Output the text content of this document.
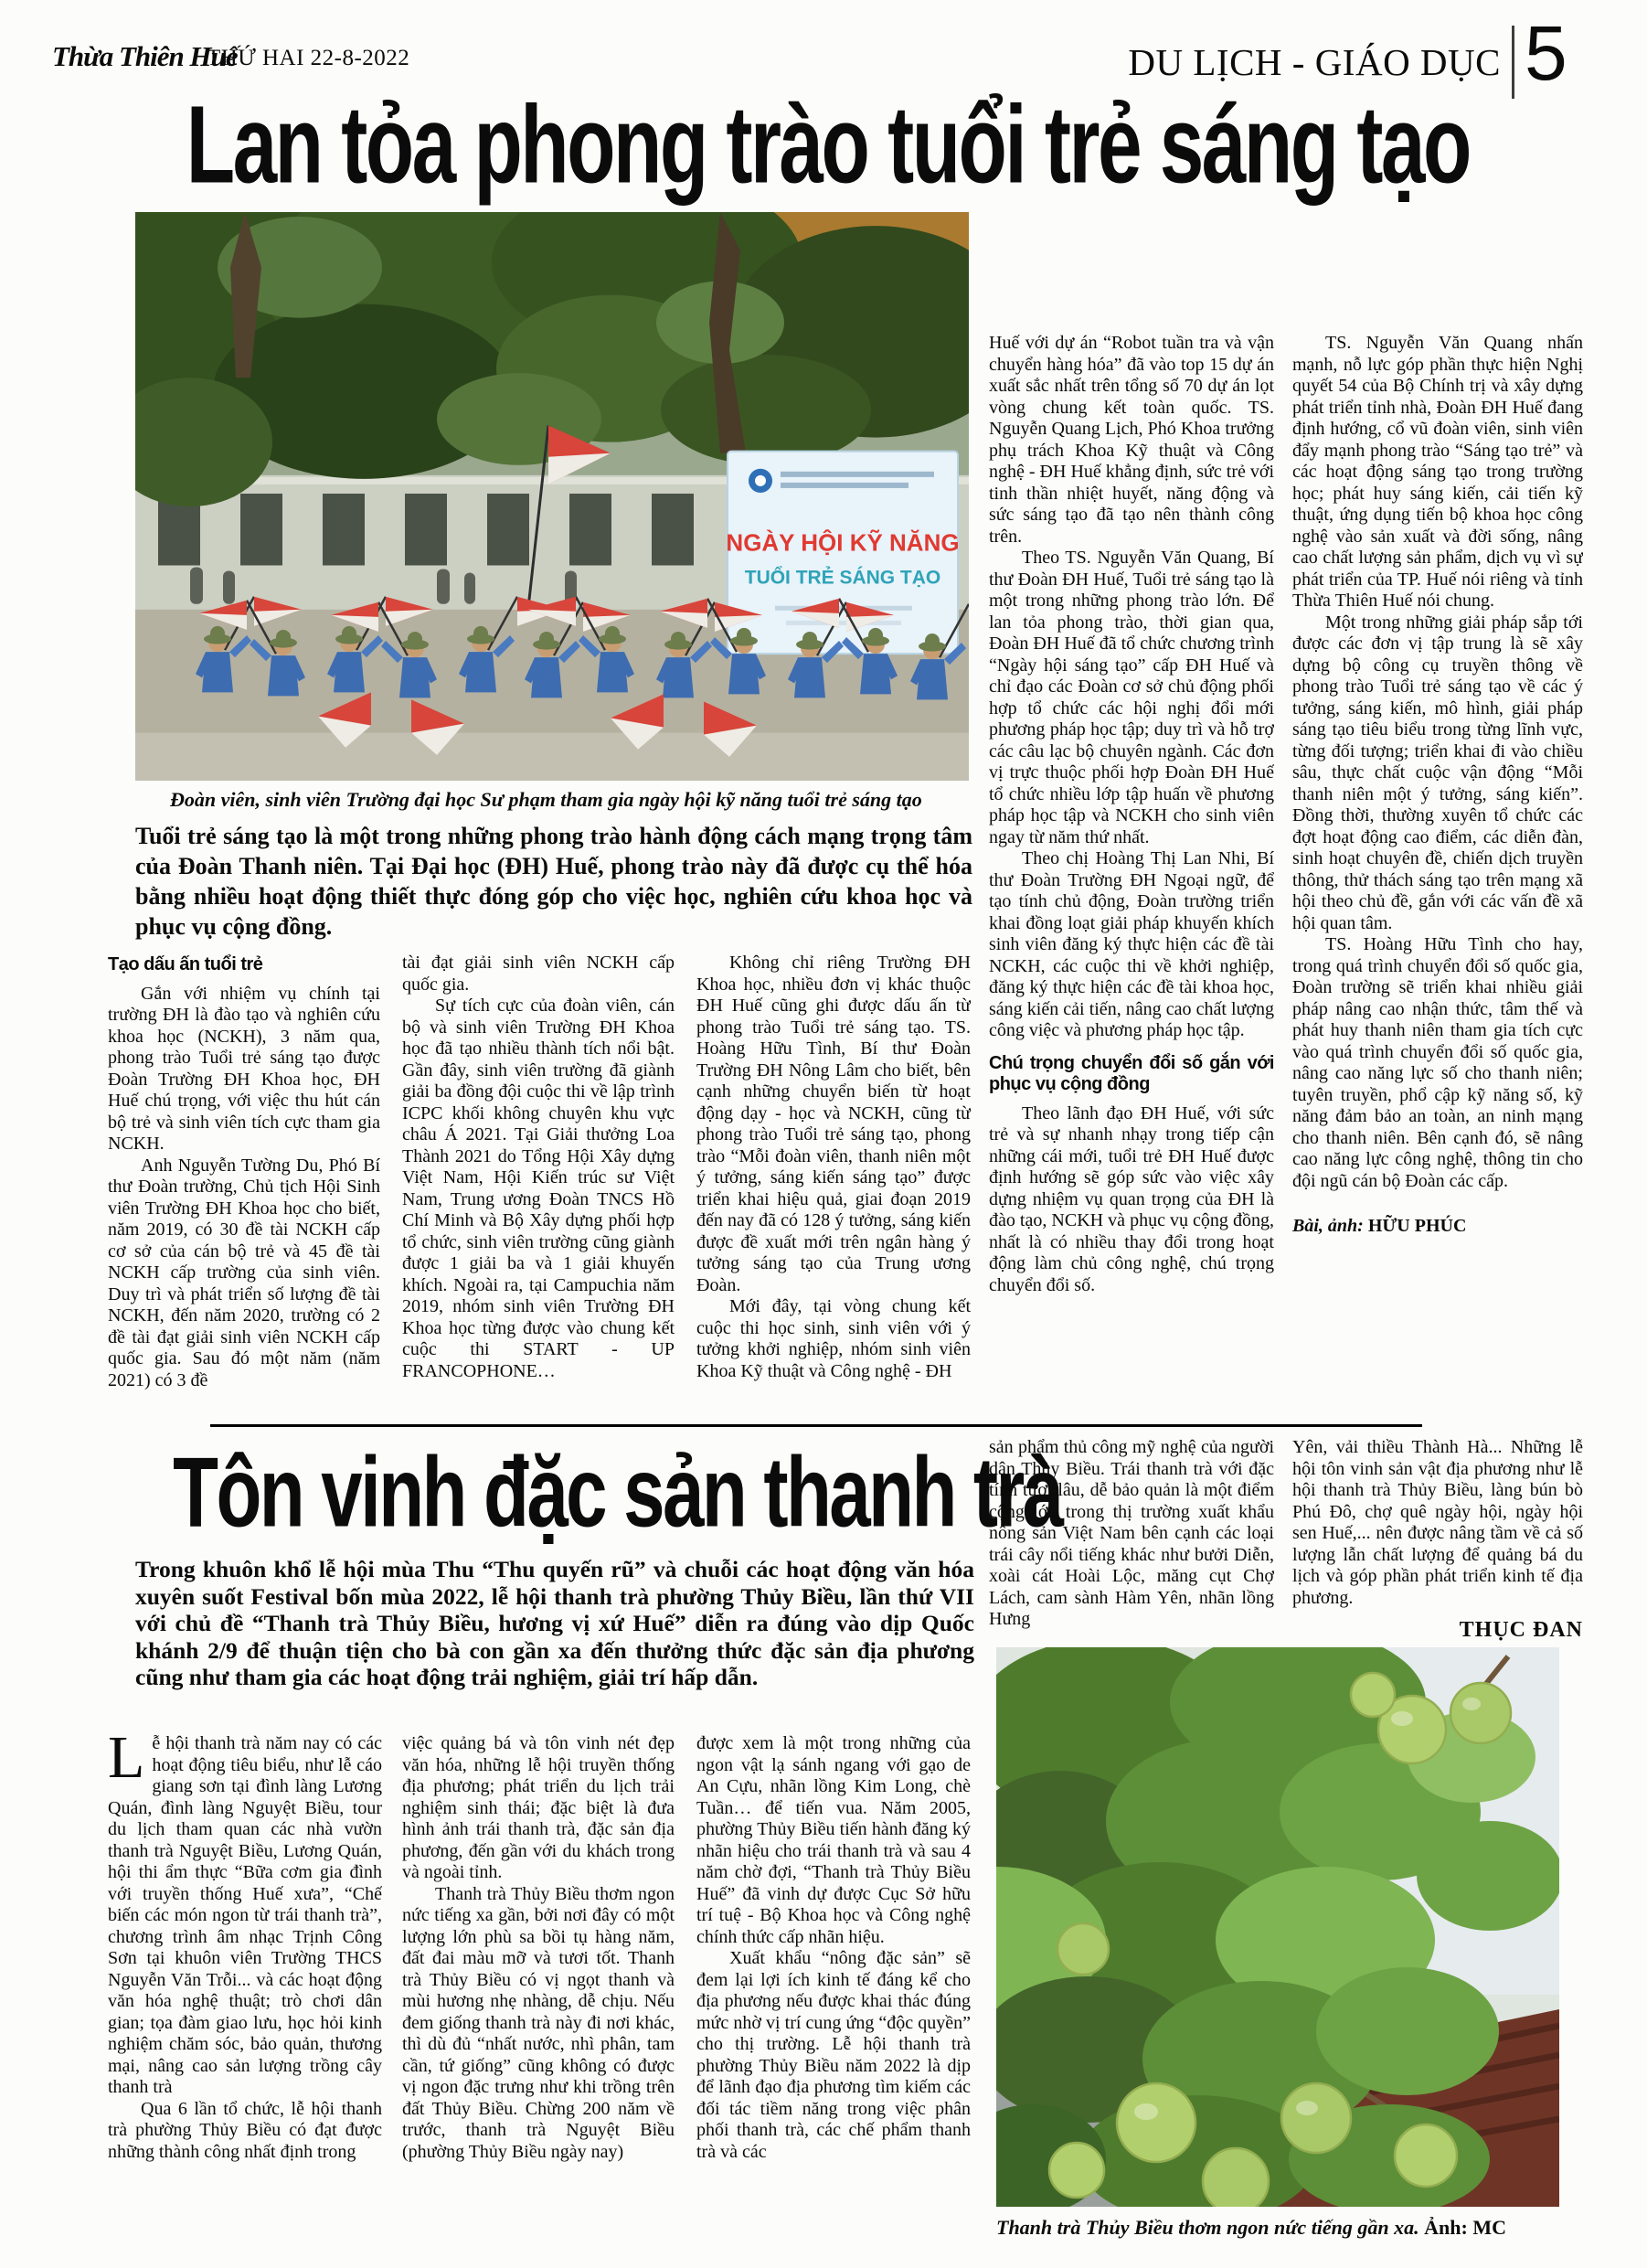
Thừa Thiên Huế
THỨ HAI 22-8-2022	DU LỊCH - GIÁO DỤC 5
Lan tỏa phong trào tuổi trẻ sáng tạo
NGÀY HỘI KỸ NĂNG
TUỔI TRẺ SÁNG TẠO
Đoàn viên, sinh viên Trường đại học Sư phạm tham gia ngày hội kỹ năng tuổi trẻ sáng tạo

Tuổi trẻ sáng tạo là một trong những phong trào hành động cách mạng trọng tâm của Đoàn Thanh niên. Tại Đại học (ĐH) Huế, phong trào này đã được cụ thể hóa bằng nhiều hoạt động thiết thực đóng góp cho việc học, nghiên cứu khoa học và phục vụ cộng đồng.

Tạo dấu ấn tuổi trẻ

Gắn với nhiệm vụ chính tại trường ĐH là đào tạo và nghiên cứu khoa học (NCKH), 3 năm qua, phong trào Tuổi trẻ sáng tạo được Đoàn Trường ĐH Khoa học, ĐH Huế chú trọng, với việc thu hút cán bộ trẻ và sinh viên tích cực tham gia NCKH.

Anh Nguyễn Tường Du, Phó Bí thư Đoàn trường, Chủ tịch Hội Sinh viên Trường ĐH Khoa học cho biết, năm 2019, có 30 đề tài NCKH cấp cơ sở của cán bộ trẻ và 45 đề tài NCKH cấp trường của sinh viên. Duy trì và phát triển số lượng đề tài NCKH, đến năm 2020, trường có 2 đề tài đạt giải sinh viên NCKH cấp quốc gia. Sau đó một năm (năm 2021) có 3 đề

tài đạt giải sinh viên NCKH cấp quốc gia.

Sự tích cực của đoàn viên, cán bộ và sinh viên Trường ĐH Khoa học đã tạo nhiều thành tích nổi bật. Gần đây, sinh viên trường đã giành giải ba đồng đội cuộc thi về lập trình ICPC khối không chuyên khu vực châu Á 2021. Tại Giải thưởng Loa Thành 2021 do Tổng Hội Xây dựng Việt Nam, Hội Kiến trúc sư Việt Nam, Trung ương Đoàn TNCS Hồ Chí Minh và Bộ Xây dựng phối hợp tổ chức, sinh viên trường cũng giành được 1 giải ba và 1 giải khuyến khích. Ngoài ra, tại Campuchia năm 2019, nhóm sinh viên Trường ĐH Khoa học từng được vào chung kết cuộc thi START - UP FRANCOPHONE…

Không chỉ riêng Trường ĐH Khoa học, nhiều đơn vị khác thuộc ĐH Huế cũng ghi được dấu ấn từ phong trào Tuổi trẻ sáng tạo. TS. Hoàng Hữu Tình, Bí thư Đoàn Trường ĐH Nông Lâm cho biết, bên cạnh những chuyển biến từ hoạt động dạy - học và NCKH, cũng từ phong trào Tuổi trẻ sáng tạo, phong trào “Mỗi đoàn viên, thanh niên một ý tưởng, sáng kiến sáng tạo” được triển khai hiệu quả, giai đoạn 2019 đến nay đã có 128 ý tưởng, sáng kiến được đề xuất mới trên ngân hàng ý tưởng sáng tạo của Trung ương Đoàn.

Mới đây, tại vòng chung kết cuộc thi học sinh, sinh viên với ý tưởng khởi nghiệp, nhóm sinh viên Khoa Kỹ thuật và Công nghệ - ĐH

Huế với dự án “Robot tuần tra và vận chuyển hàng hóa” đã vào top 15 dự án xuất sắc nhất trên tổng số 70 dự án lọt vòng chung kết toàn quốc. TS. Nguyễn Quang Lịch, Phó Khoa trưởng phụ trách Khoa Kỹ thuật và Công nghệ - ĐH Huế khẳng định, sức trẻ với tinh thần nhiệt huyết, năng động và sức sáng tạo đã tạo nên thành công trên.

Theo TS. Nguyễn Văn Quang, Bí thư Đoàn ĐH Huế, Tuổi trẻ sáng tạo là một trong những phong trào lớn. Để lan tỏa phong trào, thời gian qua, Đoàn ĐH Huế đã tổ chức chương trình “Ngày hội sáng tạo” cấp ĐH Huế và chỉ đạo các Đoàn cơ sở chủ động phối hợp tổ chức các hội nghị đổi mới phương pháp học tập; duy trì và hỗ trợ các câu lạc bộ chuyên ngành. Các đơn vị trực thuộc phối hợp Đoàn ĐH Huế tổ chức nhiều lớp tập huấn về phương pháp học tập và NCKH cho sinh viên ngay từ năm thứ nhất.

Theo chị Hoàng Thị Lan Nhi, Bí thư Đoàn Trường ĐH Ngoại ngữ, để tạo tính chủ động, Đoàn trường triển khai đồng loạt giải pháp khuyến khích sinh viên đăng ký thực hiện các đề tài NCKH, các cuộc thi về khởi nghiệp, đăng ký thực hiện các đề tài khoa học, sáng kiến cải tiến, nâng cao chất lượng công việc và phương pháp học tập.

Chú trọng chuyển đổi số gắn với phục vụ cộng đồng

Theo lãnh đạo ĐH Huế, với sức trẻ và sự nhanh nhạy trong tiếp cận những cái mới, tuổi trẻ ĐH Huế được định hướng sẽ góp sức vào việc xây dựng nhiệm vụ quan trọng của ĐH là đào tạo, NCKH và phục vụ cộng đồng, nhất là có nhiều thay đổi trong hoạt động làm chủ công nghệ, chú trọng chuyển đổi số.

TS. Nguyễn Văn Quang nhấn mạnh, nỗ lực góp phần thực hiện Nghị quyết 54 của Bộ Chính trị và xây dựng phát triển tỉnh nhà, Đoàn ĐH Huế đang định hướng, cổ vũ đoàn viên, sinh viên đẩy mạnh phong trào “Sáng tạo trẻ” và các hoạt động sáng tạo trong trường học; phát huy sáng kiến, cải tiến kỹ thuật, ứng dụng tiến bộ khoa học công nghệ vào sản xuất và đời sống, nâng cao chất lượng sản phẩm, dịch vụ vì sự phát triển của TP. Huế nói riêng và tỉnh Thừa Thiên Huế nói chung.

Một trong những giải pháp sắp tới được các đơn vị tập trung là sẽ xây dựng bộ công cụ truyền thông về phong trào Tuổi trẻ sáng tạo về các ý tưởng, sáng kiến, mô hình, giải pháp sáng tạo tiêu biểu trong từng lĩnh vực, từng đối tượng; triển khai đi vào chiều sâu, thực chất cuộc vận động “Mỗi thanh niên một ý tưởng, sáng kiến”. Đồng thời, thường xuyên tổ chức các đợt hoạt động cao điểm, các diễn đàn, sinh hoạt chuyên đề, chiến dịch truyền thông, thử thách sáng tạo trên mạng xã hội theo chủ đề, gắn với các vấn đề xã hội quan tâm.

TS. Hoàng Hữu Tình cho hay, trong quá trình chuyển đổi số quốc gia, Đoàn trường sẽ triển khai nhiều giải pháp nâng cao nhận thức, tâm thế và phát huy thanh niên tham gia tích cực vào quá trình chuyển đổi số quốc gia, nâng cao năng lực số cho thanh niên; tuyên truyền, phổ cập kỹ năng số, kỹ năng đảm bảo an toàn, an ninh mạng cho thanh niên. Bên cạnh đó, sẽ nâng cao năng lực công nghệ, thông tin cho đội ngũ cán bộ Đoàn các cấp.

Bài, ảnh: HỮU PHÚC

Tôn vinh đặc sản thanh trà

Trong khuôn khổ lễ hội mùa Thu “Thu quyến rũ” và chuỗi các hoạt động văn hóa xuyên suốt Festival bốn mùa 2022, lễ hội thanh trà phường Thủy Biều, lần thứ VII với chủ đề “Thanh trà Thủy Biều, hương vị xứ Huế” diễn ra đúng vào dịp Quốc khánh 2/9 để thuận tiện cho bà con gần xa đến thưởng thức đặc sản địa phương cũng như tham gia các hoạt động trải nghiệm, giải trí hấp dẫn.

Lễ hội thanh trà năm nay có các hoạt động tiêu biểu, như lễ cáo giang sơn tại đình làng Lương Quán, đình làng Nguyệt Biều, tour du lịch tham quan các nhà vườn thanh trà Nguyệt Biều, Lương Quán, hội thi ẩm thực “Bữa cơm gia đình với truyền thống Huế xưa”, “Chế biến các món ngon từ trái thanh trà”, chương trình âm nhạc Trịnh Công Sơn tại khuôn viên Trường THCS Nguyễn Văn Trỗi... và các hoạt động văn hóa nghệ thuật; trò chơi dân gian; tọa đàm giao lưu, học hỏi kinh nghiệm chăm sóc, bảo quản, thương mại, nâng cao sản lượng trồng cây thanh trà

Qua 6 lần tổ chức, lễ hội thanh trà phường Thủy Biều có đạt được những thành công nhất định trong

việc quảng bá và tôn vinh nét đẹp văn hóa, những lễ hội truyền thống địa phương; phát triển du lịch trải nghiệm sinh thái; đặc biệt là đưa hình ảnh trái thanh trà, đặc sản địa phương, đến gần với du khách trong và ngoài tỉnh.

Thanh trà Thủy Biều thơm ngon nức tiếng xa gần, bởi nơi đây có một lượng lớn phù sa bồi tụ hàng năm, đất đai màu mỡ và tươi tốt. Thanh trà Thủy Biều có vị ngọt thanh và mùi hương nhẹ nhàng, dễ chịu. Nếu đem giống thanh trà này đi nơi khác, thì dù đủ “nhất nước, nhì phân, tam cần, tứ giống” cũng không có được vị ngon đặc trưng như khi trồng trên đất Thủy Biều. Chừng 200 năm về trước, thanh trà Nguyệt Biều (phường Thủy Biều ngày nay)

được xem là một trong những của ngon vật lạ sánh ngang với gạo de An Cựu, nhãn lồng Kim Long, chè Tuần… để tiến vua. Năm 2005, phường Thủy Biều tiến hành đăng ký nhãn hiệu cho trái thanh trà và sau 4 năm chờ đợi, “Thanh trà Thủy Biều Huế” đã vinh dự được Cục Sở hữu trí tuệ - Bộ Khoa học và Công nghệ chính thức cấp nhãn hiệu.

Xuất khẩu “nông đặc sản” sẽ đem lại lợi ích kinh tế đáng kể cho địa phương nếu được khai thác đúng mức nhờ vị trí cung ứng “độc quyền” cho thị trường. Lễ hội thanh trà phường Thủy Biều năm 2022 là dịp để lãnh đạo địa phương tìm kiếm các đối tác tiềm năng trong việc phân phối thanh trà, các chế phẩm thanh trà và các

sản phẩm thủ công mỹ nghệ của người dân Thủy Biều. Trái thanh trà với đặc tính tươi lâu, dễ bảo quản là một điểm cộng lớn trong thị trường xuất khẩu nông sản Việt Nam bên cạnh các loại trái cây nổi tiếng khác như bưởi Diễn, xoài cát Hoài Lộc, măng cụt Chợ Lách, cam sành Hàm Yên, nhãn lồng Hưng

Yên, vải thiều Thành Hà... Những lễ hội tôn vinh sản vật địa phương như lễ hội thanh trà Thủy Biều, làng bún bò Phú Đô, chợ quê ngày hội, ngày hội sen Huế,... nên được nâng tầm về cả số lượng lẫn chất lượng để quảng bá du lịch và góp phần phát triển kinh tế địa phương.

THỤC ĐAN

Thanh trà Thủy Biều thơm ngon nức tiếng gần xa. Ảnh: MC
